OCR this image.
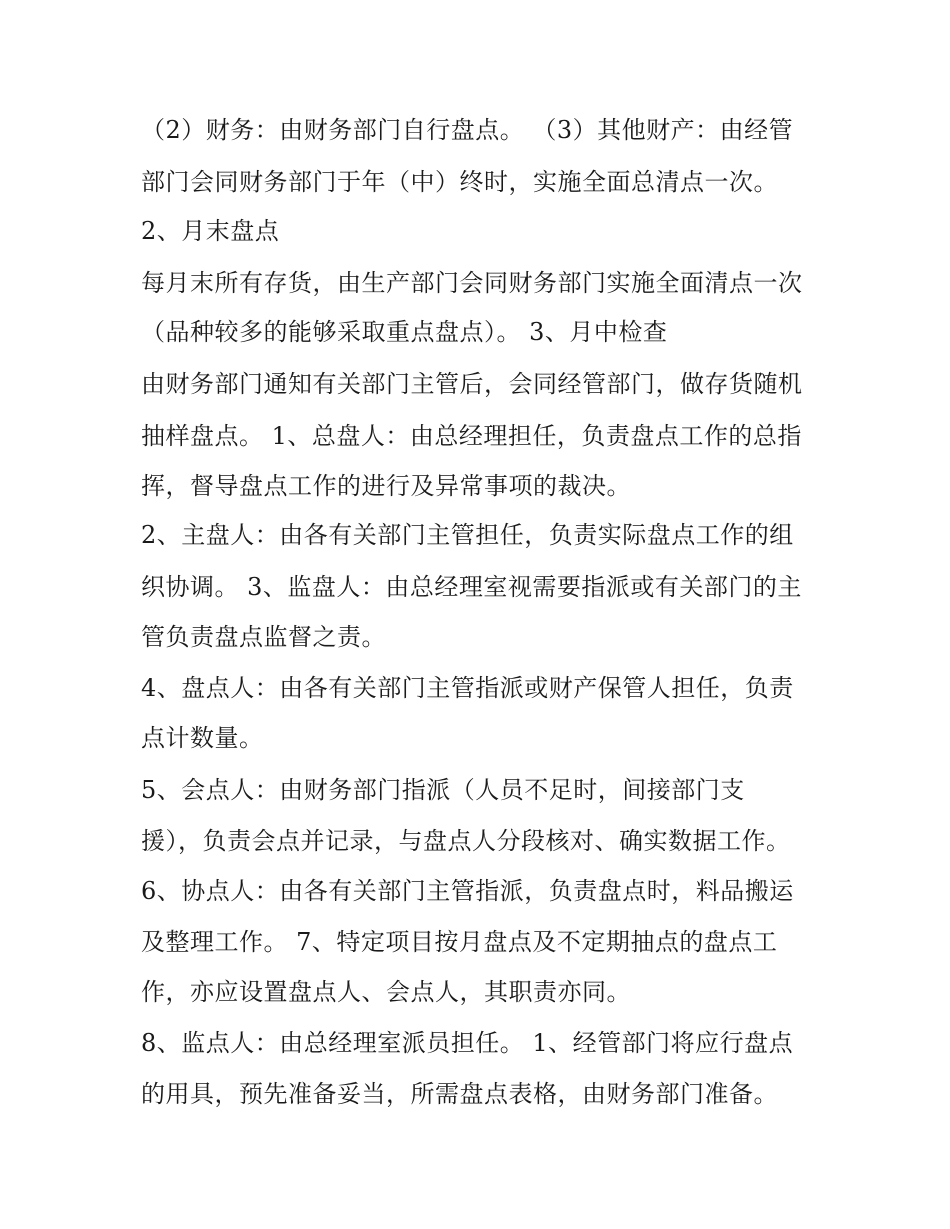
（2）财务：由财务部门自行盘点。 （3）其他财产：由经管

部门会同财务部门于年（中）终时，实施全面总清点一次。

2、月末盘点

每月末所有存货，由生产部门会同财务部门实施全面清点一次

（品种较多的能够采取重点盘点）。 3、月中检查

由财务部门通知有关部门主管后，会同经管部门，做存货随机

抽样盘点。 1、总盘人：由总经理担任，负责盘点工作的总指

挥，督导盘点工作的进行及异常事项的裁决。

2、主盘人：由各有关部门主管担任，负责实际盘点工作的组

织协调。 3、监盘人：由总经理室视需要指派或有关部门的主

管负责盘点监督之责。

4、盘点人：由各有关部门主管指派或财产保管人担任，负责

点计数量。

5、会点人：由财务部门指派（人员不足时，间接部门支

援），负责会点并记录，与盘点人分段核对、确实数据工作。

6、协点人：由各有关部门主管指派，负责盘点时，料品搬运

及整理工作。 7、特定项目按月盘点及不定期抽点的盘点工

作，亦应设置盘点人、会点人，其职责亦同。

8、监点人：由总经理室派员担任。 1、经管部门将应行盘点

的用具，预先准备妥当，所需盘点表格，由财务部门准备。
